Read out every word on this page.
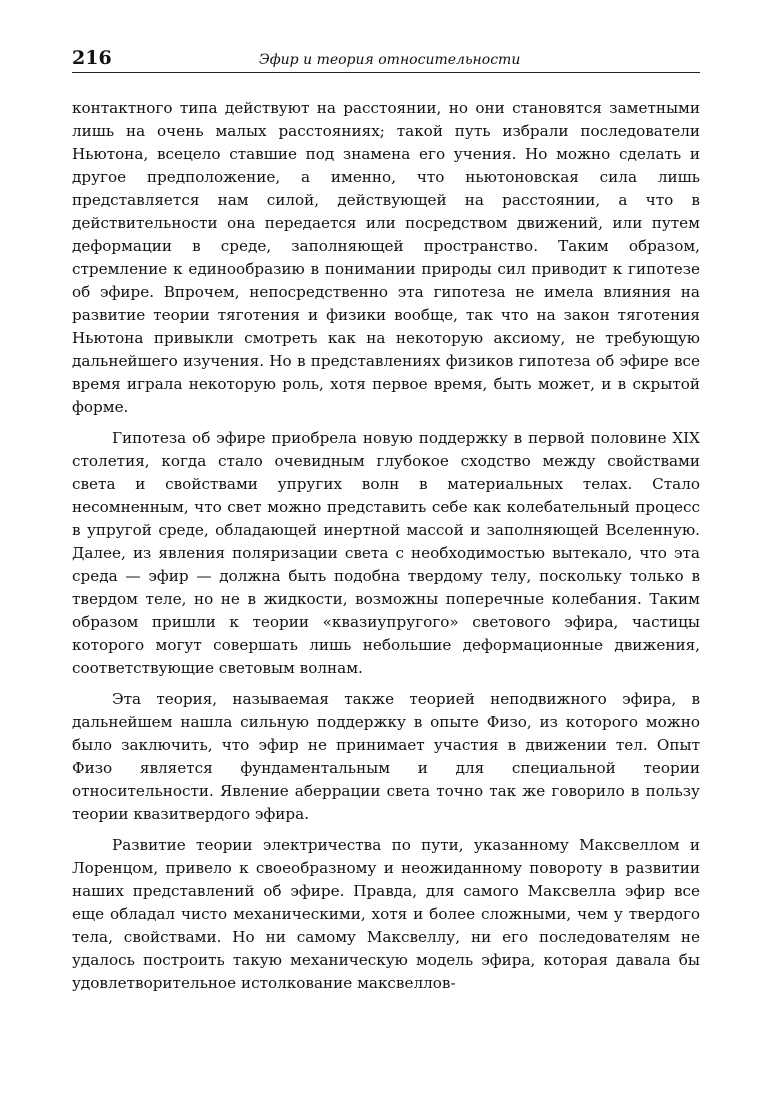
216	Эфир и теория относительности

контактного типа действуют на расстоянии, но они становятся заметными лишь на очень малых расстояниях; такой путь избрали последователи Ньютона, всецело ставшие под знамена его учения. Но можно сделать и другое предположение, а именно, что ньютоновская сила лишь представляется нам силой, действующей на расстоянии, а что в действительности она передается или посредством движений, или путем деформации в среде, заполняющей пространство. Таким образом, стремление к единообразию в понимании природы сил приводит к гипотезе об эфире. Впрочем, непосредственно эта гипотеза не имела влияния на развитие теории тяготения и физики вообще, так что на закон тяготения Ньютона привыкли смотреть как на некоторую аксиому, не требующую дальнейшего изучения. Но в представлениях физиков гипотеза об эфире все время играла некоторую роль, хотя первое время, быть может, и в скрытой форме.

Гипотеза об эфире приобрела новую поддержку в первой половине XIX столетия, когда стало очевидным глубокое сходство между свойствами света и свойствами упругих волн в материальных телах. Стало несомненным, что свет можно представить себе как колебательный процесс в упругой среде, обладающей инертной массой и заполняющей Вселенную. Далее, из явления поляризации света с необходимостью вытекало, что эта среда — эфир — должна быть подобна твердому телу, поскольку только в твердом теле, но не в жидкости, возможны поперечные колебания. Таким образом пришли к теории «квазиупругого» светового эфира, частицы которого могут совершать лишь небольшие деформационные движения, соответствующие световым волнам.

Эта теория, называемая также теорией неподвижного эфира, в дальнейшем нашла сильную поддержку в опыте Физо, из которого можно было заключить, что эфир не принимает участия в движении тел. Опыт Физо является фундаментальным и для специальной теории относительности. Явление аберрации света точно так же говорило в пользу теории квазитвердого эфира.

Развитие теории электричества по пути, указанному Максвеллом и Лоренцом, привело к своеобразному и неожиданному повороту в развитии наших представлений об эфире. Правда, для самого Максвелла эфир все еще обладал чисто механическими, хотя и более сложными, чем у твердого тела, свойствами. Но ни самому Максвеллу, ни его последователям не удалось построить такую механическую модель эфира, которая давала бы удовлетворительное истолкование максвеллов-
